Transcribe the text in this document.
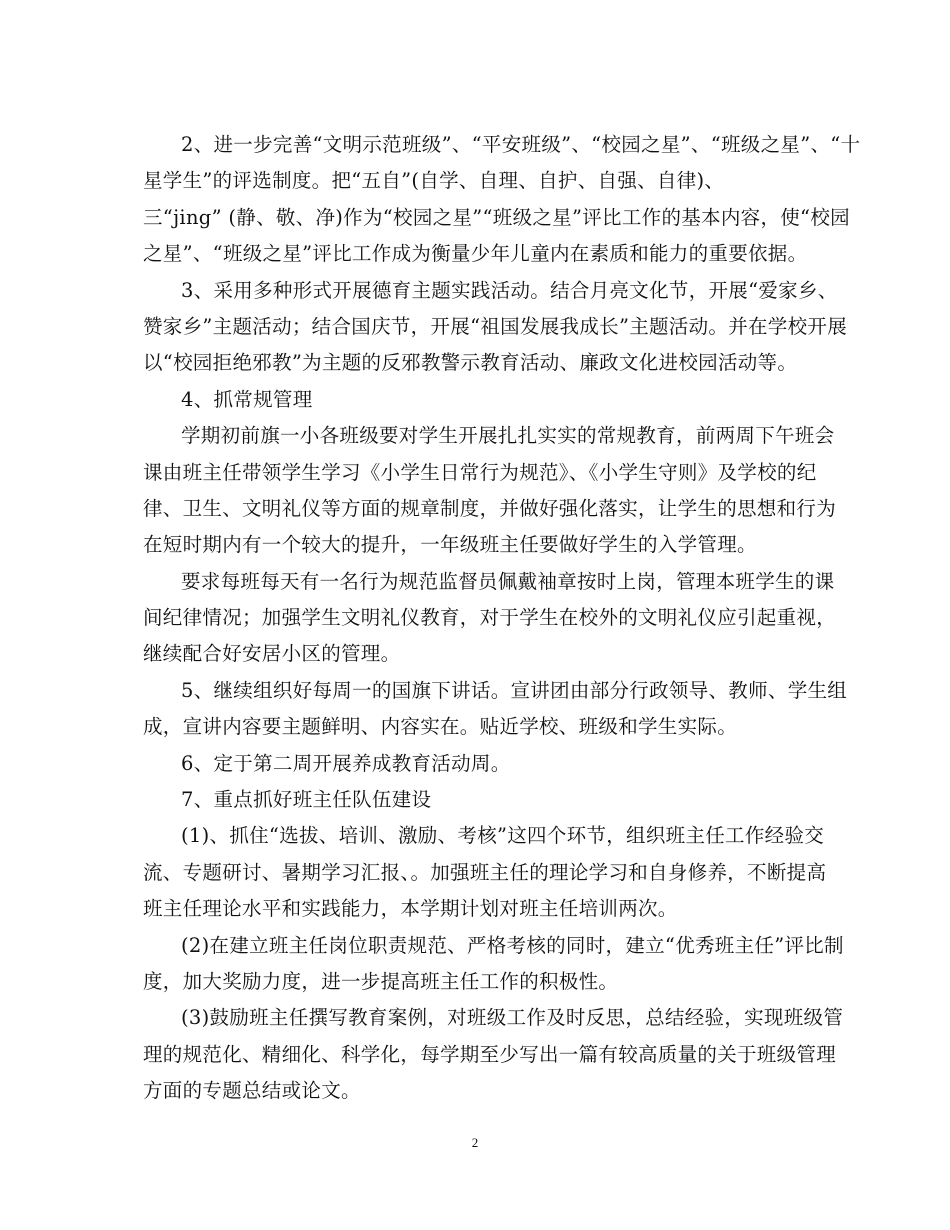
2、进一步完善“文明示范班级”、“平安班级”、“校园之星”、“班级之星”、“十
星学生”的评选制度。把“五自”(自学、自理、自护、自强、自律)、
三“jing” (静、敬、净)作为“校园之星”“班级之星”评比工作的基本内容，使“校园
之星”、“班级之星”评比工作成为衡量少年儿童内在素质和能力的重要依据。
3、采用多种形式开展德育主题实践活动。结合月亮文化节，开展“爱家乡、
赞家乡”主题活动；结合国庆节，开展“祖国发展我成长”主题活动。并在学校开展
以“校园拒绝邪教”为主题的反邪教警示教育活动、廉政文化进校园活动等。
4、抓常规管理
学期初前旗一小各班级要对学生开展扎扎实实的常规教育，前两周下午班会
课由班主任带领学生学习《小学生日常行为规范》、《小学生守则》及学校的纪
律、卫生、文明礼仪等方面的规章制度，并做好强化落实，让学生的思想和行为
在短时期内有一个较大的提升，一年级班主任要做好学生的入学管理。
要求每班每天有一名行为规范监督员佩戴袖章按时上岗，管理本班学生的课
间纪律情况；加强学生文明礼仪教育，对于学生在校外的文明礼仪应引起重视，
继续配合好安居小区的管理。
5、继续组织好每周一的国旗下讲话。宣讲团由部分行政领导、教师、学生组
成，宣讲内容要主题鲜明、内容实在。贴近学校、班级和学生实际。
6、定于第二周开展养成教育活动周。
7、重点抓好班主任队伍建设
(1)、抓住“选拔、培训、激励、考核”这四个环节，组织班主任工作经验交
流、专题研讨、暑期学习汇报、。加强班主任的理论学习和自身修养，不断提高
班主任理论水平和实践能力，本学期计划对班主任培训两次。
(2)在建立班主任岗位职责规范、严格考核的同时，建立“优秀班主任”评比制
度，加大奖励力度，进一步提高班主任工作的积极性。
(3)鼓励班主任撰写教育案例，对班级工作及时反思，总结经验，实现班级管
理的规范化、精细化、科学化，每学期至少写出一篇有较高质量的关于班级管理
方面的专题总结或论文。
2
